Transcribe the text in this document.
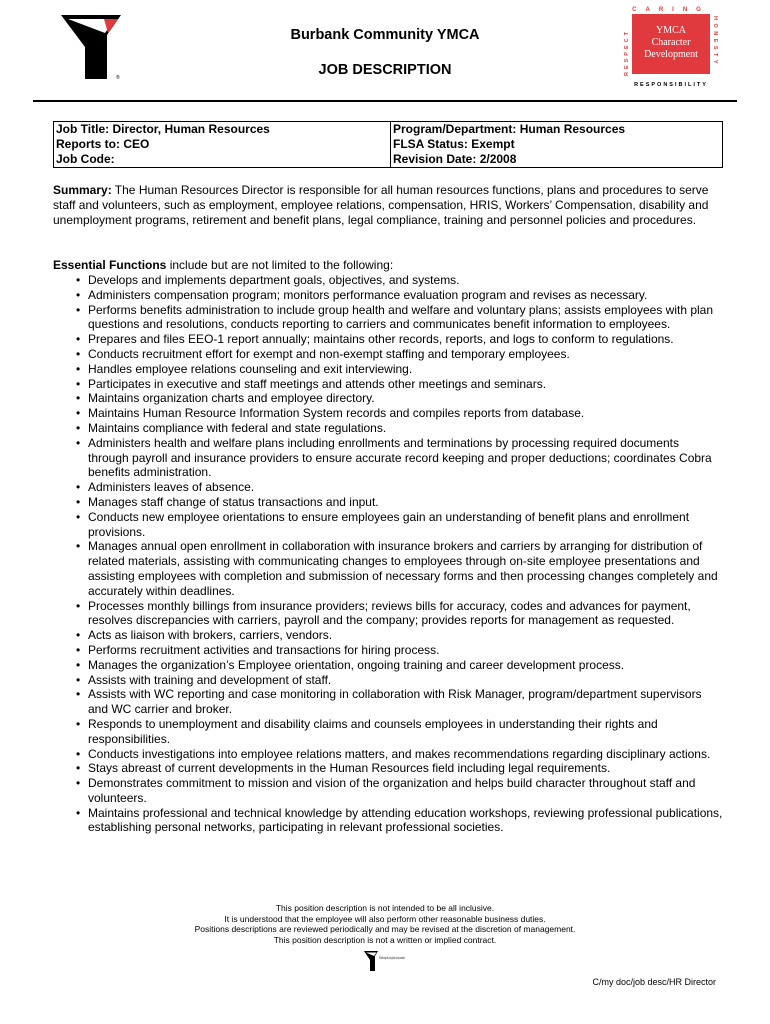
®
Burbank Community YMCA
JOB DESCRIPTION
YMCA
Character
Development
CARING
RESPONSIBILITY
RESPECT	HONESTY
Job Title: Director, Human Resources	Program/Department: Human Resources
Reports to: CEO	FLSA Status: Exempt
Job Code:	Revision Date: 2/2008
Summary: The Human Resources Director is responsible for all human resources functions, plans and procedures to serve staff and volunteers, such as employment, employee relations, compensation, HRIS, Workers’ Compensation, disability and unemployment programs, retirement and benefit plans, legal compliance, training and personnel policies and procedures.
Essential Functions include but are not limited to the following:
• Develops and implements department goals, objectives, and systems.
• Administers compensation program; monitors performance evaluation program and revises as necessary.
• Performs benefits administration to include group health and welfare and voluntary plans; assists employees with plan questions and resolutions, conducts reporting to carriers and communicates benefit information to employees.
• Prepares and files EEO-1 report annually; maintains other records, reports, and logs to conform to regulations.
• Conducts recruitment effort for exempt and non-exempt staffing and temporary employees.
• Handles employee relations counseling and exit interviewing.
• Participates in executive and staff meetings and attends other meetings and seminars.
• Maintains organization charts and employee directory.
• Maintains Human Resource Information System records and compiles reports from database.
• Maintains compliance with federal and state regulations.
• Administers health and welfare plans including enrollments and terminations by processing required documents through payroll and insurance providers to ensure accurate record keeping and proper deductions; coordinates Cobra benefits administration.
• Administers leaves of absence.
• Manages staff change of status transactions and input.
• Conducts new employee orientations to ensure employees gain an understanding of benefit plans and enrollment provisions.
• Manages annual open enrollment in collaboration with insurance brokers and carriers by arranging for distribution of related materials, assisting with communicating changes to employees through on-site employee presentations and assisting employees with completion and submission of necessary forms and then processing changes completely and accurately within deadlines.
• Processes monthly billings from insurance providers; reviews bills for accuracy, codes and advances for payment, resolves discrepancies with carriers, payroll and the company; provides reports for management as requested.
• Acts as liaison with brokers, carriers, vendors.
• Performs recruitment activities and transactions for hiring process.
• Manages the organization’s Employee orientation, ongoing training and career development process.
• Assists with training and development of staff.
• Assists with WC reporting and case monitoring in collaboration with Risk Manager, program/department supervisors and WC carrier and broker.
• Responds to unemployment and disability claims and counsels employees in understanding their rights and responsibilities.
• Conducts investigations into employee relations matters, and makes recommendations regarding disciplinary actions.
• Stays abreast of current developments in the Human Resources field including legal requirements.
• Demonstrates commitment to mission and vision of the organization and helps build character throughout staff and volunteers.
• Maintains professional and technical knowledge by attending education workshops, reviewing professional publications, establishing personal networks, participating in relevant professional societies.
This position description is not intended to be all inclusive.
It is understood that the employee will also perform other reasonable business duties.
Positions descriptions are reviewed periodically and may be revised at the discretion of management.
This position description is not a written or implied contract.
We build strong kids, strong families, strong communities
C/my doc/job desc/HR Director
